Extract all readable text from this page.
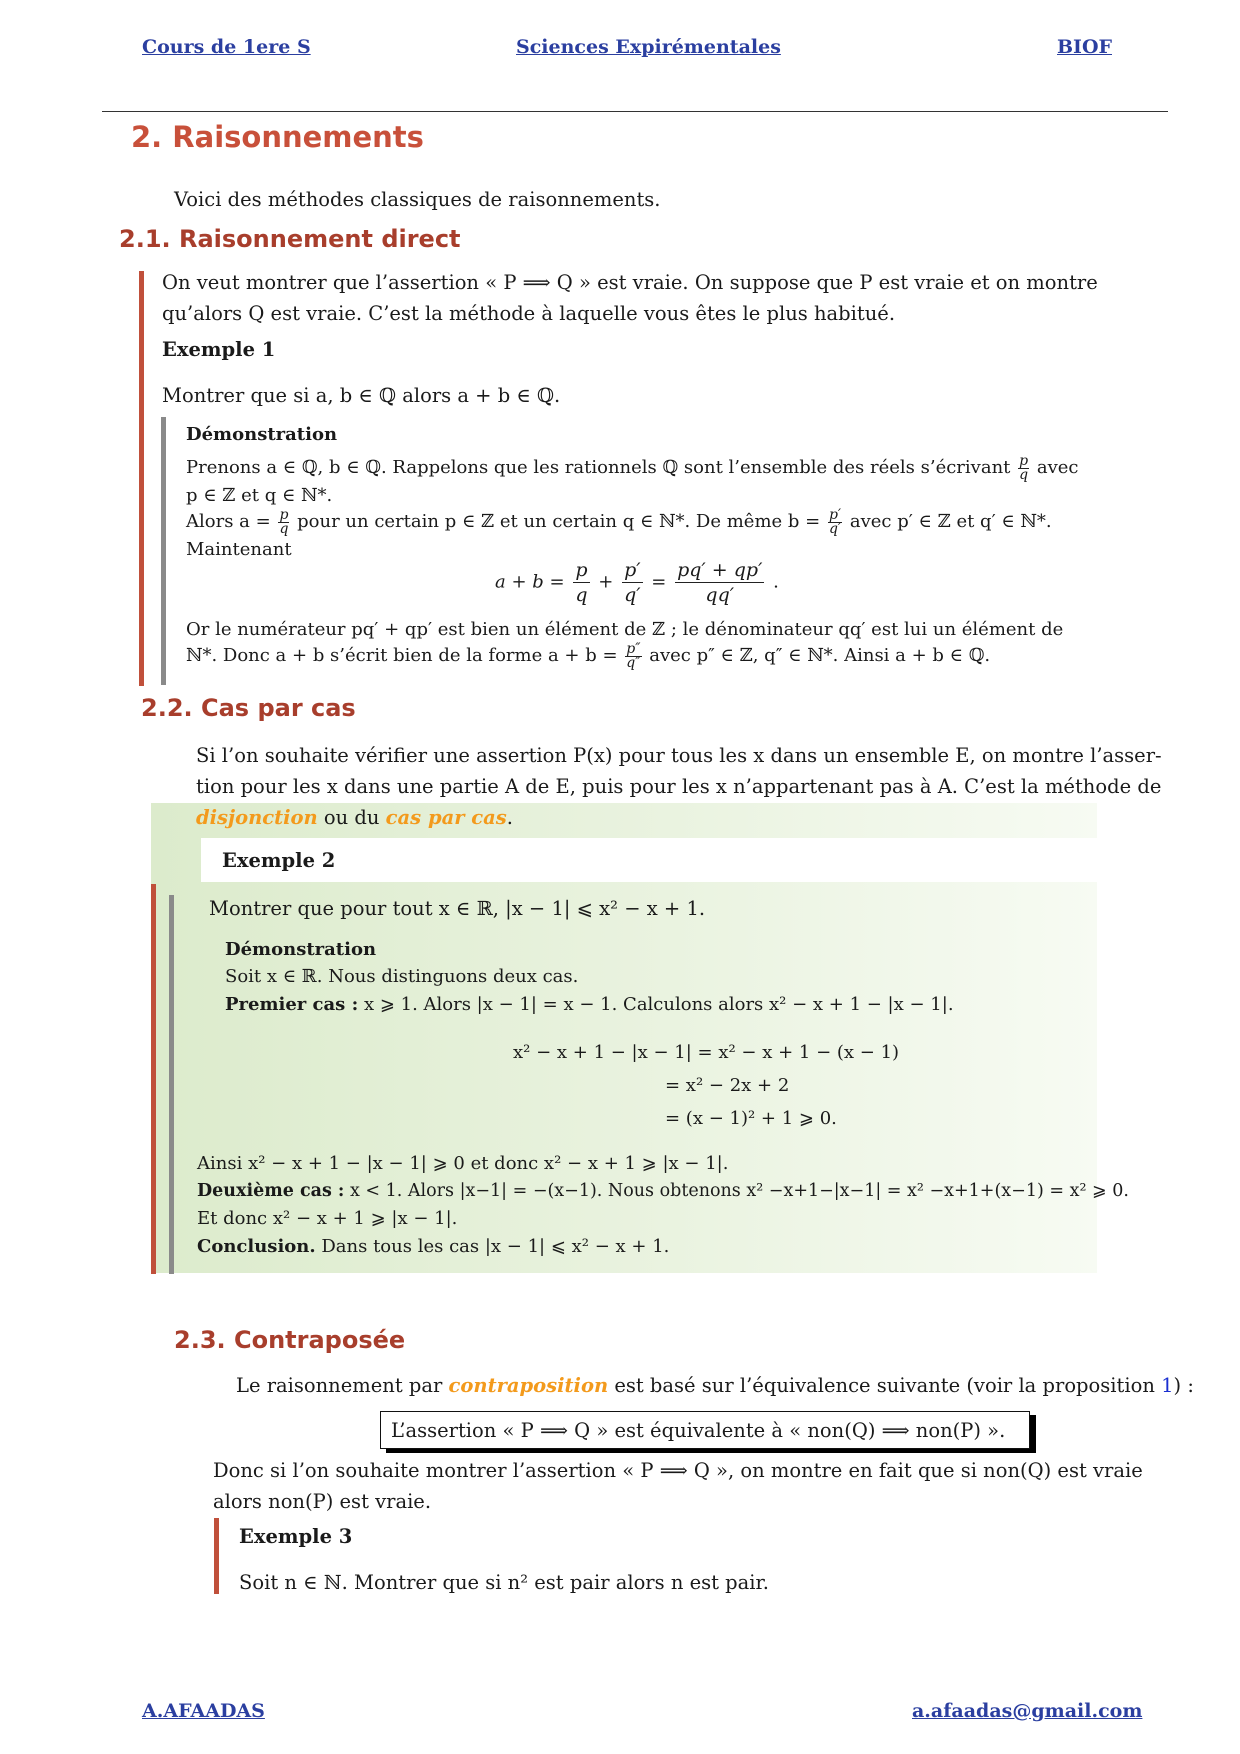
Cours de 1ere S	Sciences Expirémentales	BIOF
2. Raisonnements
Voici des méthodes classiques de raisonnements.
2.1. Raisonnement direct
On veut montrer que l’assertion « P ⟹ Q » est vraie. On suppose que P est vraie et on montre
qu’alors Q est vraie. C’est la méthode à laquelle vous êtes le plus habitué.
Exemple 1
Montrer que si a, b ∈ ℚ alors a + b ∈ ℚ.
Démonstration
Prenons a ∈ ℚ, b ∈ ℚ. Rappelons que les rationnels ℚ sont l’ensemble des réels s’écrivant $\frac{p}{q}$ avec
p ∈ ℤ et q ∈ ℕ*.
Alors $a = \frac{p}{q}$ pour un certain p ∈ ℤ et un certain q ∈ ℕ*. De même $b = \frac{p'}{q'}$ avec p′ ∈ ℤ et q′ ∈ ℕ*.
Maintenant
$a + b = \frac{p}{q} + \frac{p'}{q'} = \frac{pq' + qp'}{qq'}$ .
Or le numérateur pq′ + qp′ est bien un élément de ℤ ; le dénominateur qq′ est lui un élément de
ℕ*. Donc a + b s’écrit bien de la forme $a + b = \frac{p''}{q''}$ avec p″ ∈ ℤ, q″ ∈ ℕ*. Ainsi a + b ∈ ℚ.
2.2. Cas par cas
Si l’on souhaite vérifier une assertion P(x) pour tous les x dans un ensemble E, on montre l’asser-
tion pour les x dans une partie A de E, puis pour les x n’appartenant pas à A. C’est la méthode de
disjonction ou du cas par cas.
Exemple 2
Montrer que pour tout x ∈ ℝ, |x − 1| ⩽ x² − x + 1.
Démonstration
Soit x ∈ ℝ. Nous distinguons deux cas.
Premier cas : x ⩾ 1. Alors |x − 1| = x − 1. Calculons alors x² − x + 1 − |x − 1|.
x² − x + 1 − |x − 1| = x² − x + 1 − (x − 1)
= x² − 2x + 2
= (x − 1)² + 1 ⩾ 0.
Ainsi x² − x + 1 − |x − 1| ⩾ 0 et donc x² − x + 1 ⩾ |x − 1|.
Deuxième cas : x < 1. Alors |x−1| = −(x−1). Nous obtenons x² −x+1−|x−1| = x² −x+1+(x−1) = x² ⩾ 0.
Et donc x² − x + 1 ⩾ |x − 1|.
Conclusion. Dans tous les cas |x − 1| ⩽ x² − x + 1.
2.3. Contraposée
Le raisonnement par contraposition est basé sur l’équivalence suivante (voir la proposition 1) :
L’assertion « P ⟹ Q » est équivalente à « non(Q) ⟹ non(P) ».
Donc si l’on souhaite montrer l’assertion « P ⟹ Q », on montre en fait que si non(Q) est vraie
alors non(P) est vraie.
Exemple 3
Soit n ∈ ℕ. Montrer que si n² est pair alors n est pair.
A.AFAADAS	a.afaadas@gmail.com
